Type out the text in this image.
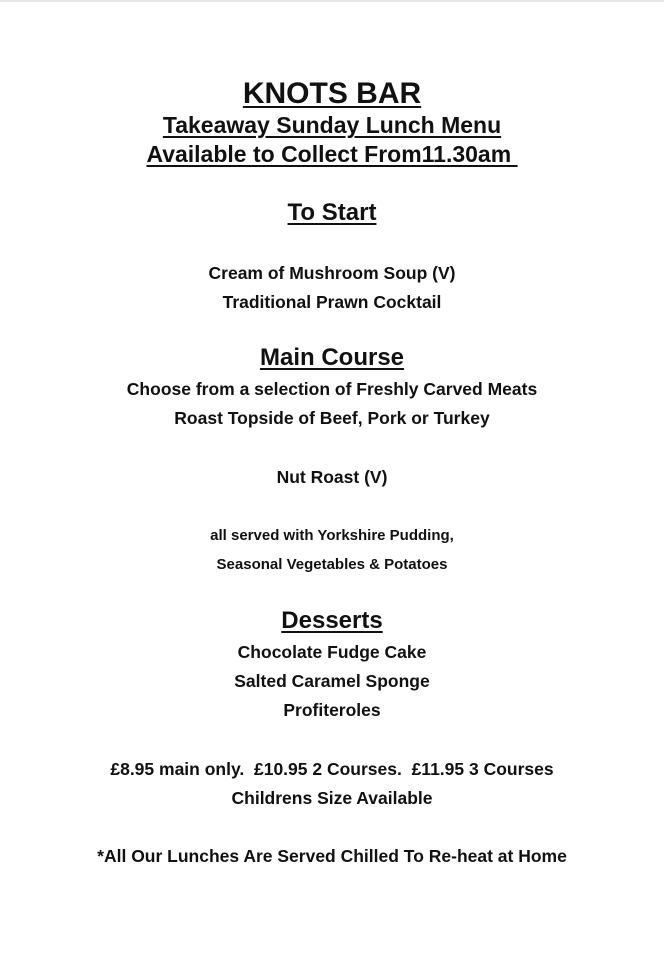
KNOTS BAR
Takeaway Sunday Lunch Menu
Available to Collect From11.30am
To Start
Cream of Mushroom Soup (V)
Traditional Prawn Cocktail
Main Course
Choose from a selection of Freshly Carved Meats
Roast Topside of Beef, Pork or Turkey
Nut Roast (V)
all served with Yorkshire Pudding,
Seasonal Vegetables & Potatoes
Desserts
Chocolate Fudge Cake
Salted Caramel Sponge
Profiteroles
£8.95 main only.  £10.95 2 Courses.  £11.95 3 Courses
Childrens Size Available
*All Our Lunches Are Served Chilled To Re-heat at Home
